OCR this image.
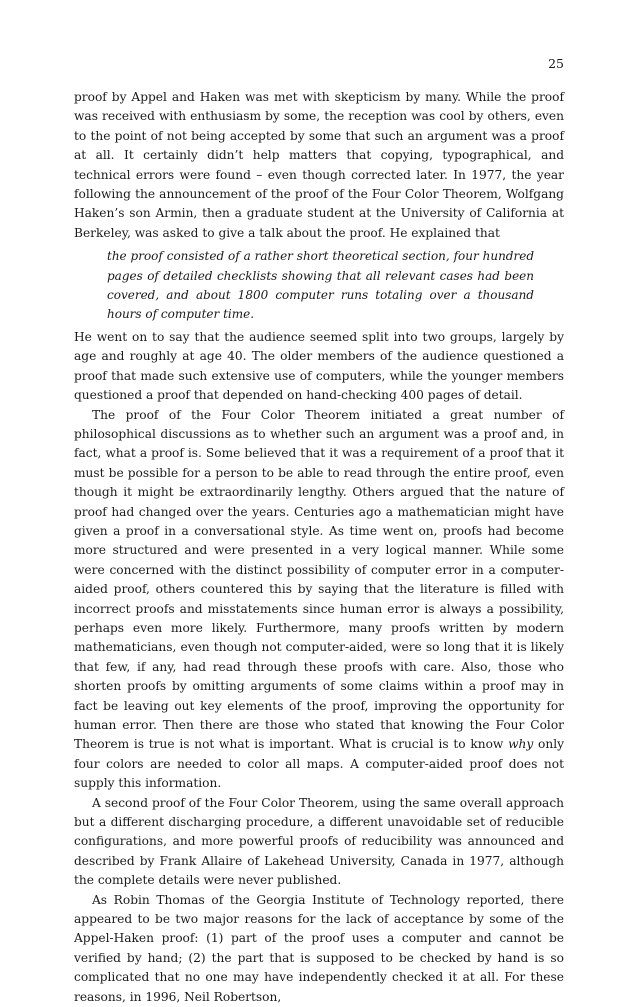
25

proof by Appel and Haken was met with skepticism by many. While the proof was received with enthusiasm by some, the reception was cool by others, even to the point of not being accepted by some that such an argument was a proof at all. It certainly didn’t help matters that copying, typographical, and technical errors were found – even though corrected later. In 1977, the year following the announcement of the proof of the Four Color Theorem, Wolfgang Haken’s son Armin, then a graduate student at the University of California at Berkeley, was asked to give a talk about the proof. He explained that

the proof consisted of a rather short theoretical section, four hundred pages of detailed checklists showing that all relevant cases had been covered, and about 1800 computer runs totaling over a thousand hours of computer time.

He went on to say that the audience seemed split into two groups, largely by age and roughly at age 40. The older members of the audience questioned a proof that made such extensive use of computers, while the younger members questioned a proof that depended on hand-checking 400 pages of detail.

The proof of the Four Color Theorem initiated a great number of philosophical discussions as to whether such an argument was a proof and, in fact, what a proof is. Some believed that it was a requirement of a proof that it must be possible for a person to be able to read through the entire proof, even though it might be extraordinarily lengthy. Others argued that the nature of proof had changed over the years. Centuries ago a mathematician might have given a proof in a conversational style. As time went on, proofs had become more structured and were presented in a very logical manner. While some were concerned with the distinct possibility of computer error in a computer-aided proof, others countered this by saying that the literature is filled with incorrect proofs and misstatements since human error is always a possibility, perhaps even more likely. Furthermore, many proofs written by modern mathematicians, even though not computer-aided, were so long that it is likely that few, if any, had read through these proofs with care. Also, those who shorten proofs by omitting arguments of some claims within a proof may in fact be leaving out key elements of the proof, improving the opportunity for human error. Then there are those who stated that knowing the Four Color Theorem is true is not what is important. What is crucial is to know why only four colors are needed to color all maps. A computer-aided proof does not supply this information.

A second proof of the Four Color Theorem, using the same overall approach but a different discharging procedure, a different unavoidable set of reducible configurations, and more powerful proofs of reducibility was announced and described by Frank Allaire of Lakehead University, Canada in 1977, although the complete details were never published.

As Robin Thomas of the Georgia Institute of Technology reported, there appeared to be two major reasons for the lack of acceptance by some of the Appel-Haken proof: (1) part of the proof uses a computer and cannot be verified by hand; (2) the part that is supposed to be checked by hand is so complicated that no one may have independently checked it at all. For these reasons, in 1996, Neil Robertson,
